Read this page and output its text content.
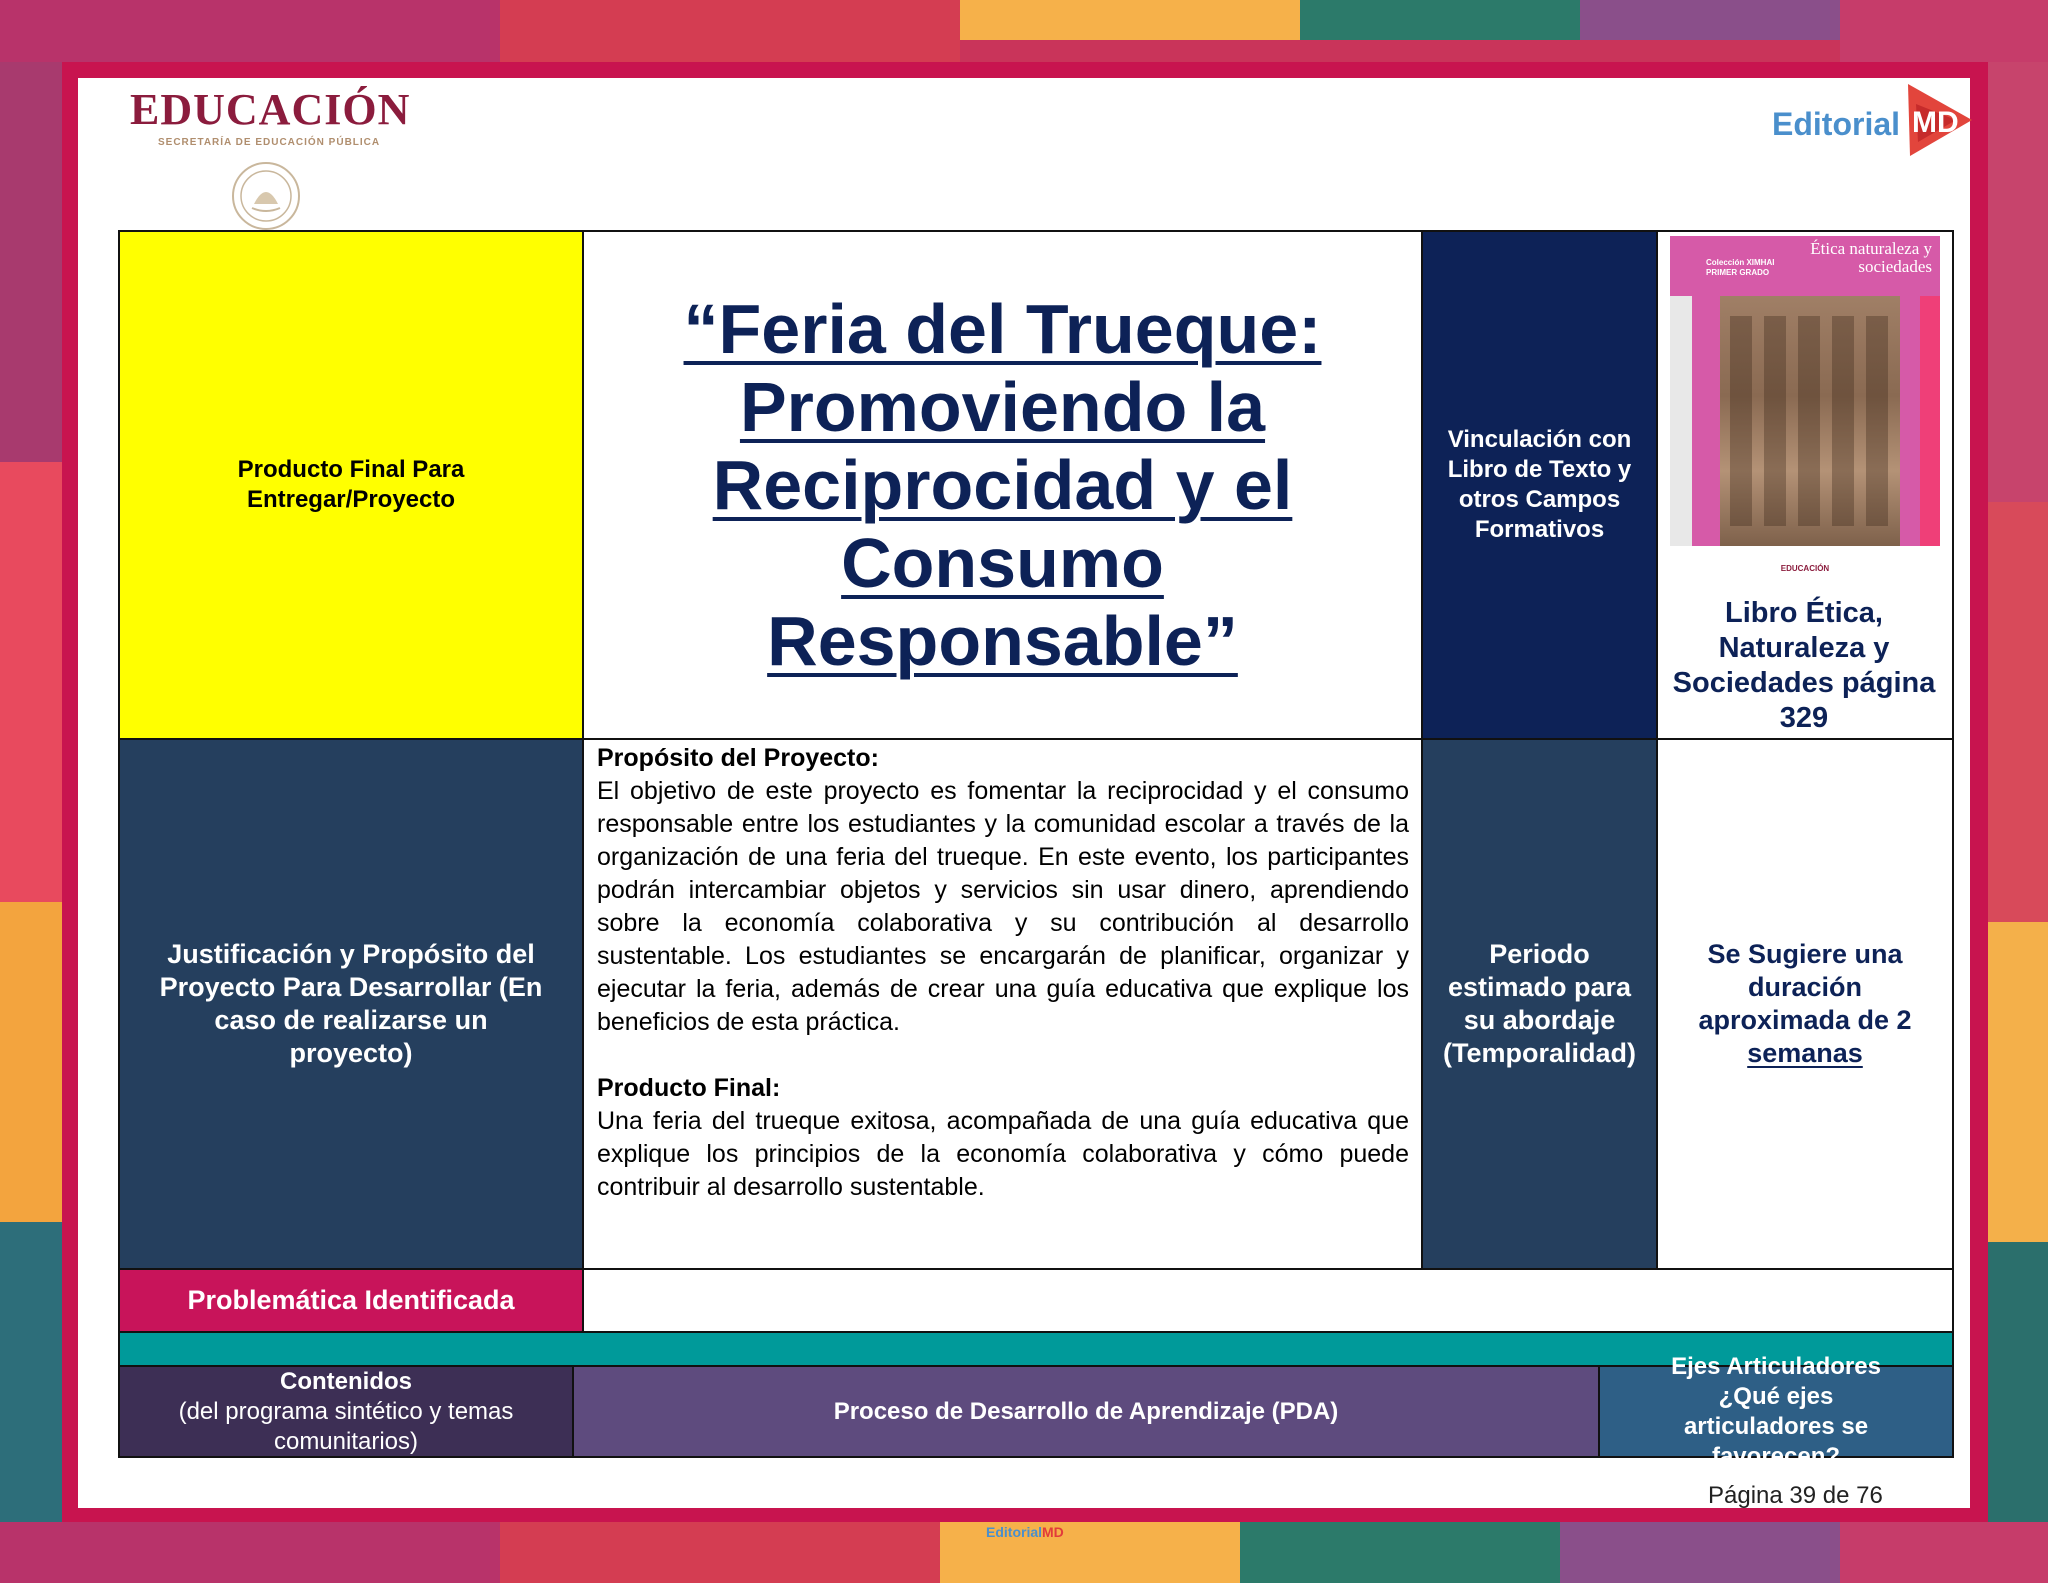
EDUCACIÓN
SECRETARÍA DE EDUCACIÓN PÚBLICA
Editorial MD
Producto Final Para Entregar/Proyecto
“Feria del Trueque: Promoviendo la Reciprocidad y el Consumo Responsable”
Vinculación con Libro de Texto y otros Campos Formativos
Colección XIMHAI
PRIMER GRADO
Ética naturaleza y sociedades
EDUCACIÓN
Libro Ética, Naturaleza y Sociedades página 329
Justificación y Propósito del Proyecto Para Desarrollar (En caso de realizarse un proyecto)

Propósito del Proyecto:

El objetivo de este proyecto es fomentar la reciprocidad y el consumo responsable entre los estudiantes y la comunidad escolar a través de la organización de una feria del trueque. En este evento, los participantes podrán intercambiar objetos y servicios sin usar dinero, aprendiendo sobre la economía colaborativa y su contribución al desarrollo sustentable. Los estudiantes se encargarán de planificar, organizar y ejecutar la feria, además de crear una guía educativa que explique los beneficios de esta práctica.

Producto Final:

Una feria del trueque exitosa, acompañada de una guía educativa que explique los principios de la economía colaborativa y cómo puede contribuir al desarrollo sustentable.

Periodo estimado para su abordaje (Temporalidad)
Se Sugiere una duración aproximada de 2
semanas
Problemática Identificada
Contenidos
(del programa sintético y temas comunitarios)
Proceso de Desarrollo de Aprendizaje (PDA)
Ejes Articuladores ¿Qué ejes articuladores se favorecen?
Página 39 de 76
EditorialMD
